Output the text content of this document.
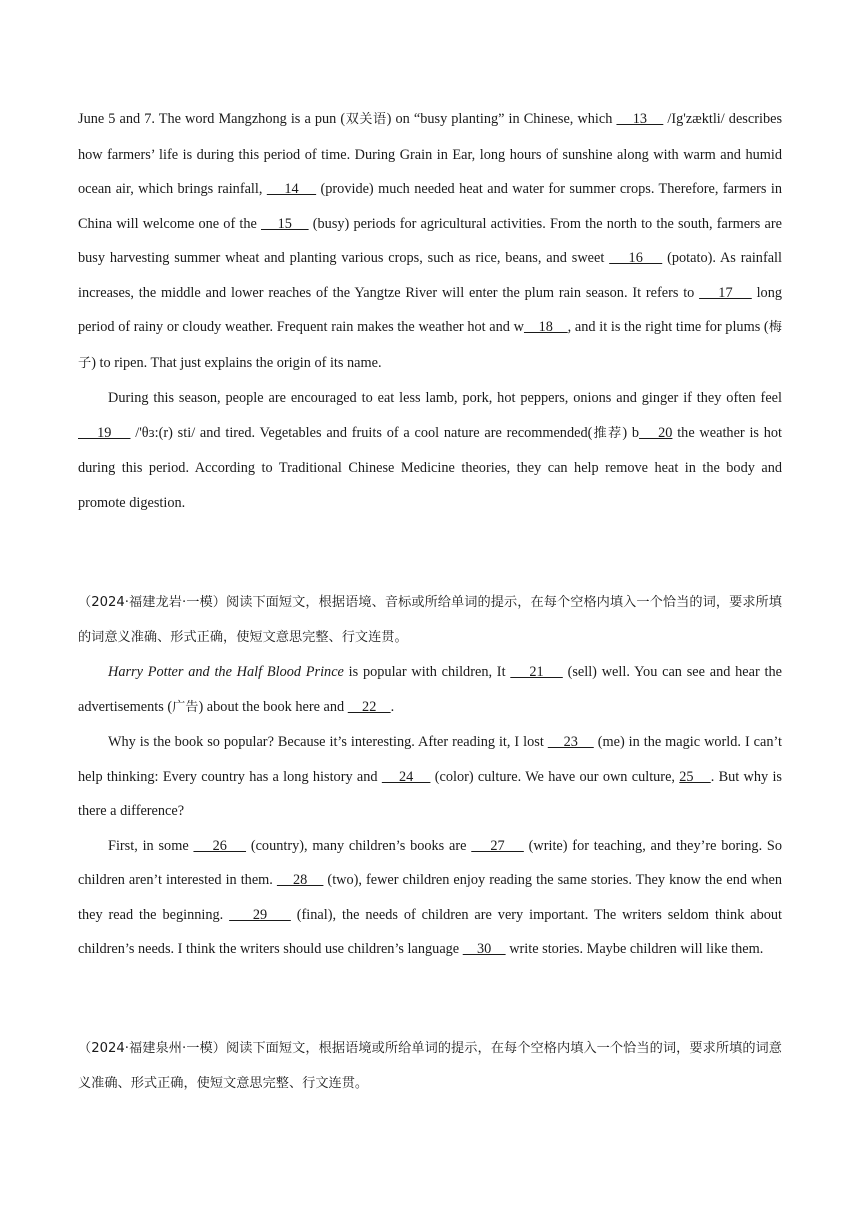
June 5 and 7. The word Mangzhong is a pun (双关语) on “busy planting” in Chinese, which     13     /Ig'zæktli/ describes how farmers’ life is during this period of time. During Grain in Ear, long hours of sunshine along with warm and humid ocean air, which brings rainfall,     14     (provide) much needed heat and water for summer crops. Therefore, farmers in China will welcome one of the     15     (busy) periods for agricultural activities. From the north to the south, farmers are busy harvesting summer wheat and planting various crops, such as rice, beans, and sweet     16     (potato). As rainfall increases, the middle and lower reaches of the Yangtze River will enter the plum rain season. It refers to     17     long period of rainy or cloudy weather. Frequent rain makes the weather hot and w    18    , and it is the right time for plums (梅子) to ripen. That just explains the origin of its name.

During this season, people are encouraged to eat less lamb, pork, hot peppers, onions and ginger if they often feel     19     /'θɜ:(r) sti/ and tired. Vegetables and fruits of a cool nature are recommended(推荐) b    20 the weather is hot during this period. According to Traditional Chinese Medicine theories, they can help remove heat in the body and promote digestion.

（2024·福建龙岩·一模）阅读下面短文，根据语境、音标或所给单词的提示，在每个空格内填入一个恰当的词，要求所填的词意义准确、形式正确，使短文意思完整、行文连贯。

Harry Potter and the Half Blood Prince is popular with children, It     21     (sell) well. You can see and hear the advertisements (广告) about the book here and     22    .

Why is the book so popular? Because it’s interesting. After reading it, I lost     23     (me) in the magic world. I can’t help thinking: Every country has a long history and     24     (color) culture. We have our own culture, 25    . But why is there a difference?

First, in some     26     (country), many children’s books are     27     (write) for teaching, and they’re boring. So children aren’t interested in them.     28     (two), fewer children enjoy reading the same stories. They know the end when they read the beginning.     29     (final), the needs of children are very important. The writers seldom think about children’s needs. I think the writers should use children’s language     30     write stories. Maybe children will like them.

（2024·福建泉州·一模）阅读下面短文，根据语境或所给单词的提示，在每个空格内填入一个恰当的词，要求所填的词意义准确、形式正确，使短文意思完整、行文连贯。
